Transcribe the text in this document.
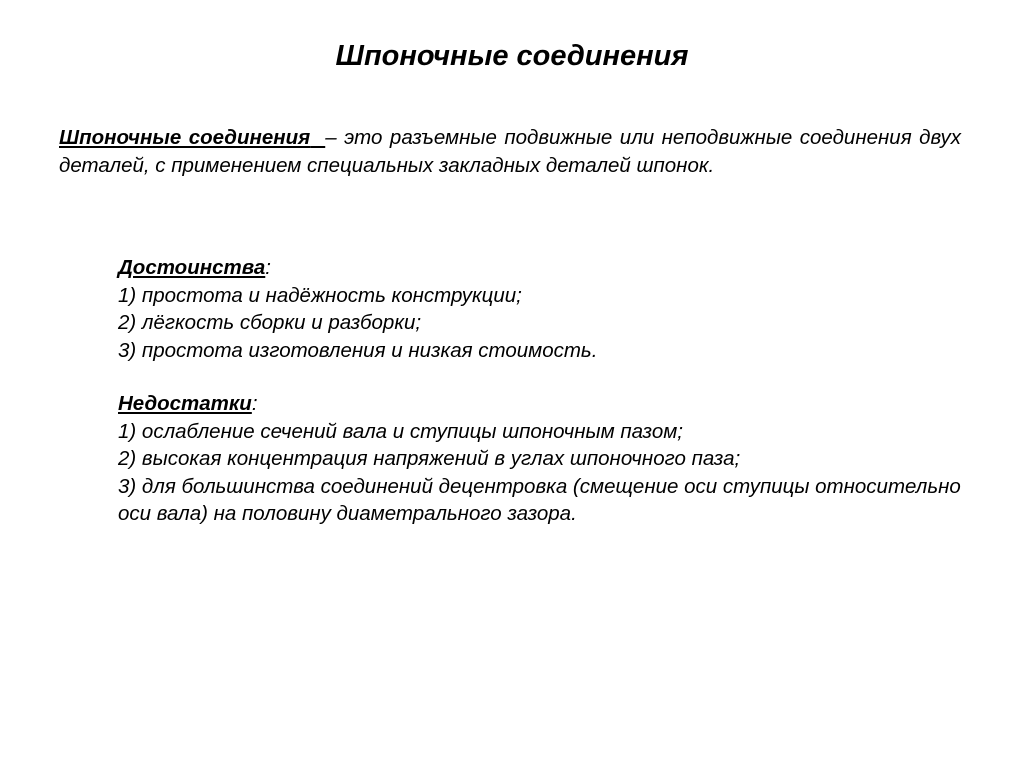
Шпоночные соединения

Шпоночные соединения – это разъемные подвижные или неподвижные соединения двух деталей, с применением специальных закладных деталей шпонок.

Достоинства:
1) простота и надёжность конструкции;
2) лёгкость сборки и разборки;
3) простота изготовления и низкая стоимость.
Недостатки:
1) ослабление сечений вала и ступицы шпоночным пазом;
2) высокая концентрация напряжений в углах шпоночного паза;
3) для большинства соединений децентровка (смещение оси ступицы относительно оси вала) на половину диаметрального зазора.
